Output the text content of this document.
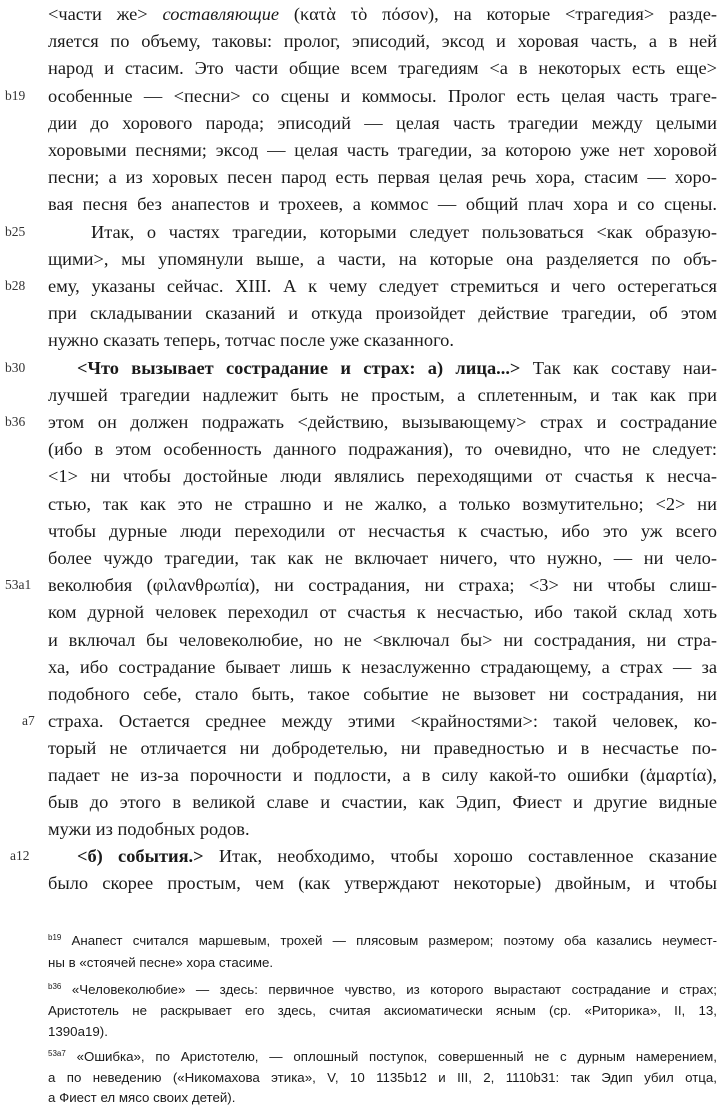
b19
b25
b28
b30
b36
53a1
a7
a12
<части же> составляющие (κατὰ τὸ πόσον), на которые <трагедия> разде-
ляется по объему, таковы: пролог, эписодий, эксод и хоровая часть, а в ней
народ и стасим. Это части общие всем трагедиям <а в некоторых есть еще>
особенные — <песни> со сцены и коммосы. Пролог есть целая часть траге-
дии до хорового парода; эписодий — целая часть трагедии между целыми
хоровыми песнями; эксод — целая часть трагедии, за которою уже нет хоровой
песни; а из хоровых песен парод есть первая целая речь хора, стасим — хоро-
вая песня без анапестов и трохеев, а коммос — общий плач хора и со сцены.
Итак, о частях трагедии, которыми следует пользоваться <как образую-
щими>, мы упомянули выше, а части, на которые она разделяется по объ-
ему, указаны сейчас. XIII. А к чему следует стремиться и чего остерегаться
при складывании сказаний и откуда произойдет действие трагедии, об этом
нужно сказать теперь, тотчас после уже сказанного.
<Что вызывает сострадание и страх: а) лица...> Так как составу наи-
лучшей трагедии надлежит быть не простым, а сплетенным, и так как при
этом он должен подражать <действию, вызывающему> страх и сострадание
(ибо в этом особенность данного подражания), то очевидно, что не следует:
<1> ни чтобы достойные люди являлись переходящими от счастья к несча-
стью, так как это не страшно и не жалко, а только возмутительно; <2> ни
чтобы дурные люди переходили от несчастья к счастью, ибо это уж всего
более чуждо трагедии, так как не включает ничего, что нужно, — ни чело-
веколюбия (φιλανθρωπία), ни сострадания, ни страха; <3> ни чтобы слиш-
ком дурной человек переходил от счастья к несчастью, ибо такой склад хоть
и включал бы человеколюбие, но не <включал бы> ни сострадания, ни стра-
ха, ибо сострадание бывает лишь к незаслуженно страдающему, а страх — за
подобного себе, стало быть, такое событие не вызовет ни сострадания, ни
страха. Остается среднее между этими <крайностями>: такой человек, ко-
торый не отличается ни добродетелью, ни праведностью и в несчастье по-
падает не из-за порочности и подлости, а в силу какой-то ошибки (ἁμαρτία),
быв до этого в великой славе и счастии, как Эдип, Фиест и другие видные
мужи из подобных родов.
<б) события.> Итак, необходимо, чтобы хорошо составленное сказание
было скорее простым, чем (как утверждают некоторые) двойным, и чтобы
$^{b19}$ Анапест считался маршевым, трохей — плясовым размером; поэтому оба казались неумест-
ны в «стоячей песне» хора стасиме.
$^{b36}$ «Человеколюбие» — здесь: первичное чувство, из которого вырастают сострадание и страх;
Аристотель не раскрывает его здесь, считая аксиоматически ясным (ср. «Риторика», II, 13,
1390a19).
$^{53a7}$ «Ошибка», по Аристотелю, — оплошный поступок, совершенный не с дурным намерением,
а по неведению («Никомахова этика», V, 10 1135b12 и III, 2, 1110b31: так Эдип убил отца,
а Фиест ел мясо своих детей).
